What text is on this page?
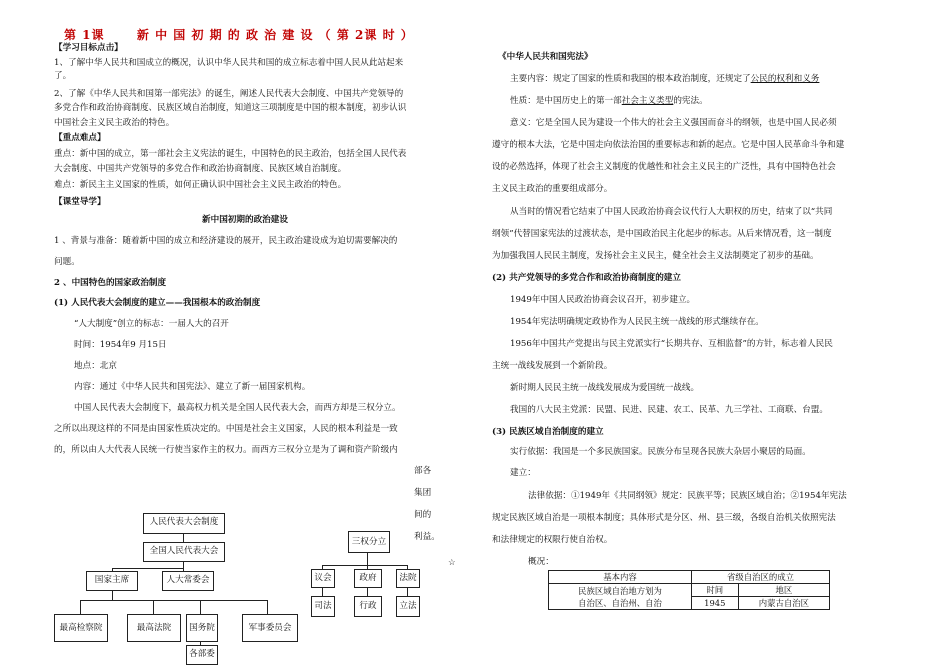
第 1课	新 中 国 初 期 的 政 治 建 设 （ 第 2课 时 ）
【学习目标点击】
1、了解中华人民共和国成立的概况，认识中华人民共和国的成立标志着中国人民从此站起来
了。
2、了解《中华人民共和国第一部宪法》的诞生，阐述人民代表大会制度、中国共产党领导的
多党合作和政治协商制度、民族区域自治制度，知道这三项制度是中国的根本制度，初步认识
中国社会主义民主政治的特色。
【重点难点】
重点：新中国的成立，第一部社会主义宪法的诞生，中国特色的民主政治，包括全国人民代表
大会制度、中国共产党领导的多党合作和政治协商制度、民族区域自治制度。
难点：新民主主义国家的性质，如何正确认识中国社会主义民主政治的特色。
【课堂导学】
新中国初期的政治建设
1 、背景与准备：随着新中国的成立和经济建设的展开，民主政治建设成为迫切需要解决的
问题。
2 、中国特色的国家政治制度
(1) 人民代表大会制度的建立——我国根本的政治制度
“人大制度”创立的标志：一届人大的召开
时间：1954年9 月15日
地点：北京
内容：通过《中华人民共和国宪法》、建立了新一届国家机构。
中国人民代表大会制度下，最高权力机关是全国人民代表大会，而西方却是三权分立。
之所以出现这样的不同是由国家性质决定的。中国是社会主义国家，人民的根本利益是一致
的，所以由人大代表人民统一行使当家作主的权力。而西方三权分立是为了调和资产阶级内
部各
集团
间的
利益。
☆
人民代表大会制度
全国人民代表大会
国家主席	人大常委会
最高检察院	最高法院	国务院
各部委
军事委员会
三权分立
议会	政府	法院
司法	行政	立法
《中华人民共和国宪法》
主要内容：规定了国家的性质和我国的根本政治制度，还规定了公民的权利和义务
性质：是中国历史上的第一部社会主义类型的宪法。
意义：它是全国人民为建设一个伟大的社会主义强国而奋斗的纲领，也是中国人民必须
遵守的根本大法，它是中国走向依法治国的重要标志和新的起点。它是中国人民革命斗争和建
设的必然选择，体现了社会主义制度的优越性和社会主义民主的广泛性，具有中国特色社会
主义民主政治的重要组成部分。
从当时的情况看它结束了中国人民政治协商会议代行人大职权的历史，结束了以“共同
纲领”代替国家宪法的过渡状态，是中国政治民主化起步的标志。从后来情况看，这一制度
为加强我国人民民主制度，发扬社会主义民主，健全社会主义法制奠定了初步的基础。
(2) 共产党领导的多党合作和政治协商制度的建立
1949年中国人民政治协商会议召开，初步建立。
1954年宪法明确规定政协作为人民民主统一战线的形式继续存在。
1956年中国共产党提出与民主党派实行“长期共存、互相监督”的方针，标志着人民民
主统一战线发展到一个新阶段。
新时期人民民主统一战线发展成为爱国统一战线。
我国的八大民主党派：民盟、民进、民建、农工、民革、九三学社、工商联、台盟。
(3) 民族区域自治制度的建立
实行依据：我国是一个多民族国家。民族分布呈现各民族大杂居小聚居的局面。
建立：
法律依据：①1949年《共同纲领》规定：民族平等；民族区域自治；②1954年宪法
规定民族区域自治是一项根本制度；具体形式是分区、州、县三级，各级自治机关依照宪法
和法律规定的权限行使自治权。
概况：
基本内容	省级自治区的成立	
民族区域自治地方划为
自治区、自治州、自治	时间	地区
	1945	内蒙古自治区
